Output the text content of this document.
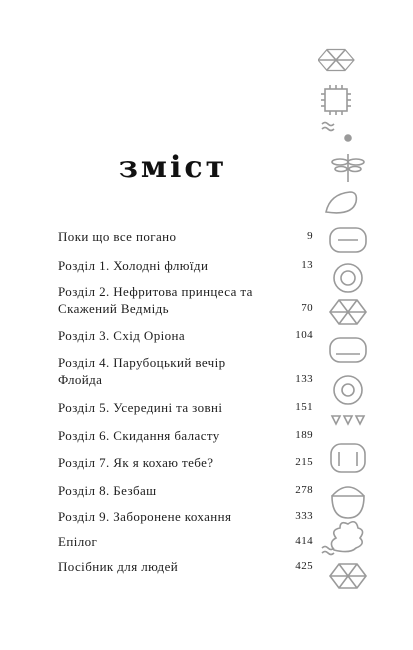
зміст
Поки що все погано	9
Розділ 1. Холодні флюїди	13
Розділ 2. Нефритова принцеса та Скажений Ведмідь	70
Розділ 3. Схід Оріона	104
Розділ 4. Парубоцький вечір Флойда	133
Розділ 5. Усередині та зовні	151
Розділ 6. Скидання баласту	189
Розділ 7. Як я кохаю тебе?	215
Розділ 8. Безбаш	278
Розділ 9. Заборонене кохання	333
Епілог	414
Посібник для людей	425
